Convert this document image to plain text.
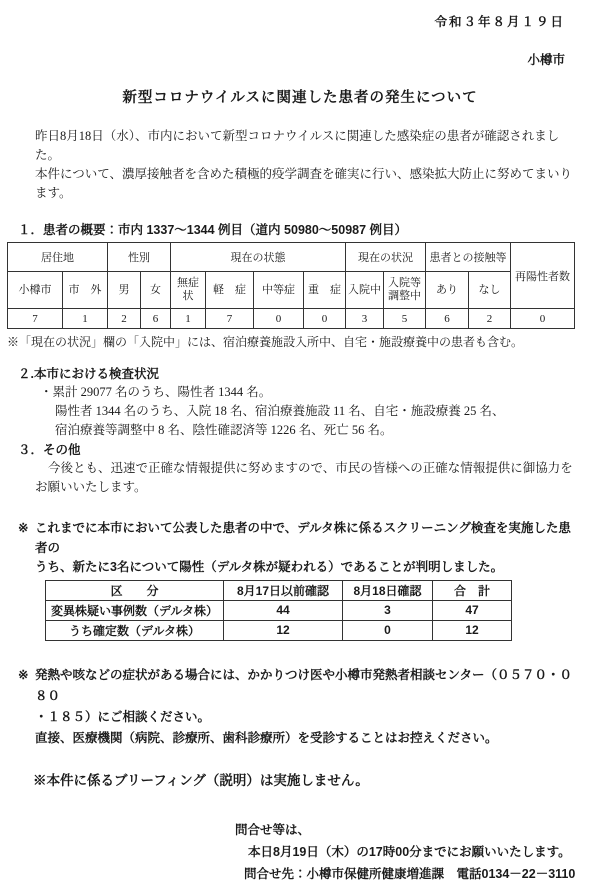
令和３年８月１９日
小樽市
新型コロナウイルスに関連した患者の発生について
昨日8月18日（水）、市内において新型コロナウイルスに関連した感染症の患者が確認されました。
本件について、濃厚接触者を含めた積極的疫学調査を確実に行い、感染拡大防止に努めてまいります。
１．患者の概要：市内 1337～1344 例目（道内 50980～50987 例目）
居住地		性別		現在の状態				現在の状況		患者との接触等		再陽性者数
小樽市	市　外	男	女	無症状	軽　症	中等症	重　症	入院中	入院等調整中	あり	なし	
7	1	2	6	1	7	0	0	3	5	6	2	0
※「現在の状況」欄の「入院中」には、宿泊療養施設入所中、自宅・施設療養中の患者も含む。
２.本市における検査状況
・累計 29077 名のうち、陽性者 1344 名。
陽性者 1344 名のうち、入院 18 名、宿泊療養施設 11 名、自宅・施設療養 25 名、
宿泊療養等調整中 8 名、陰性確認済等 1226 名、死亡 56 名。
３．その他
今後とも、迅速で正確な情報提供に努めますので、市民の皆様への正確な情報提供に御協力を
お願いいたします。
※ これまでに本市において公表した患者の中で、デルタ株に係るスクリーニング検査を実施した患者の
うち、新たに3名について陽性（デルタ株が疑われる）であることが判明しました。
区　　分	8月17日以前確認	8月18日確認	合　計
変異株疑い事例数（デルタ株）	44	3	47
うち確定数（デルタ株）	12	0	12
※ 発熱や咳などの症状がある場合には、かかりつけ医や小樽市発熱者相談センター（０５７０・０８０
・１８５）にご相談ください。
直接、医療機関（病院、診療所、歯科診療所）を受診することはお控えください。
※本件に係るブリーフィング（説明）は実施しません。
問合せ等は、
本日8月19日（木）の17時00分までにお願いいたします。
問合せ先：小樽市保健所健康増進課　電話0134－22－3110
